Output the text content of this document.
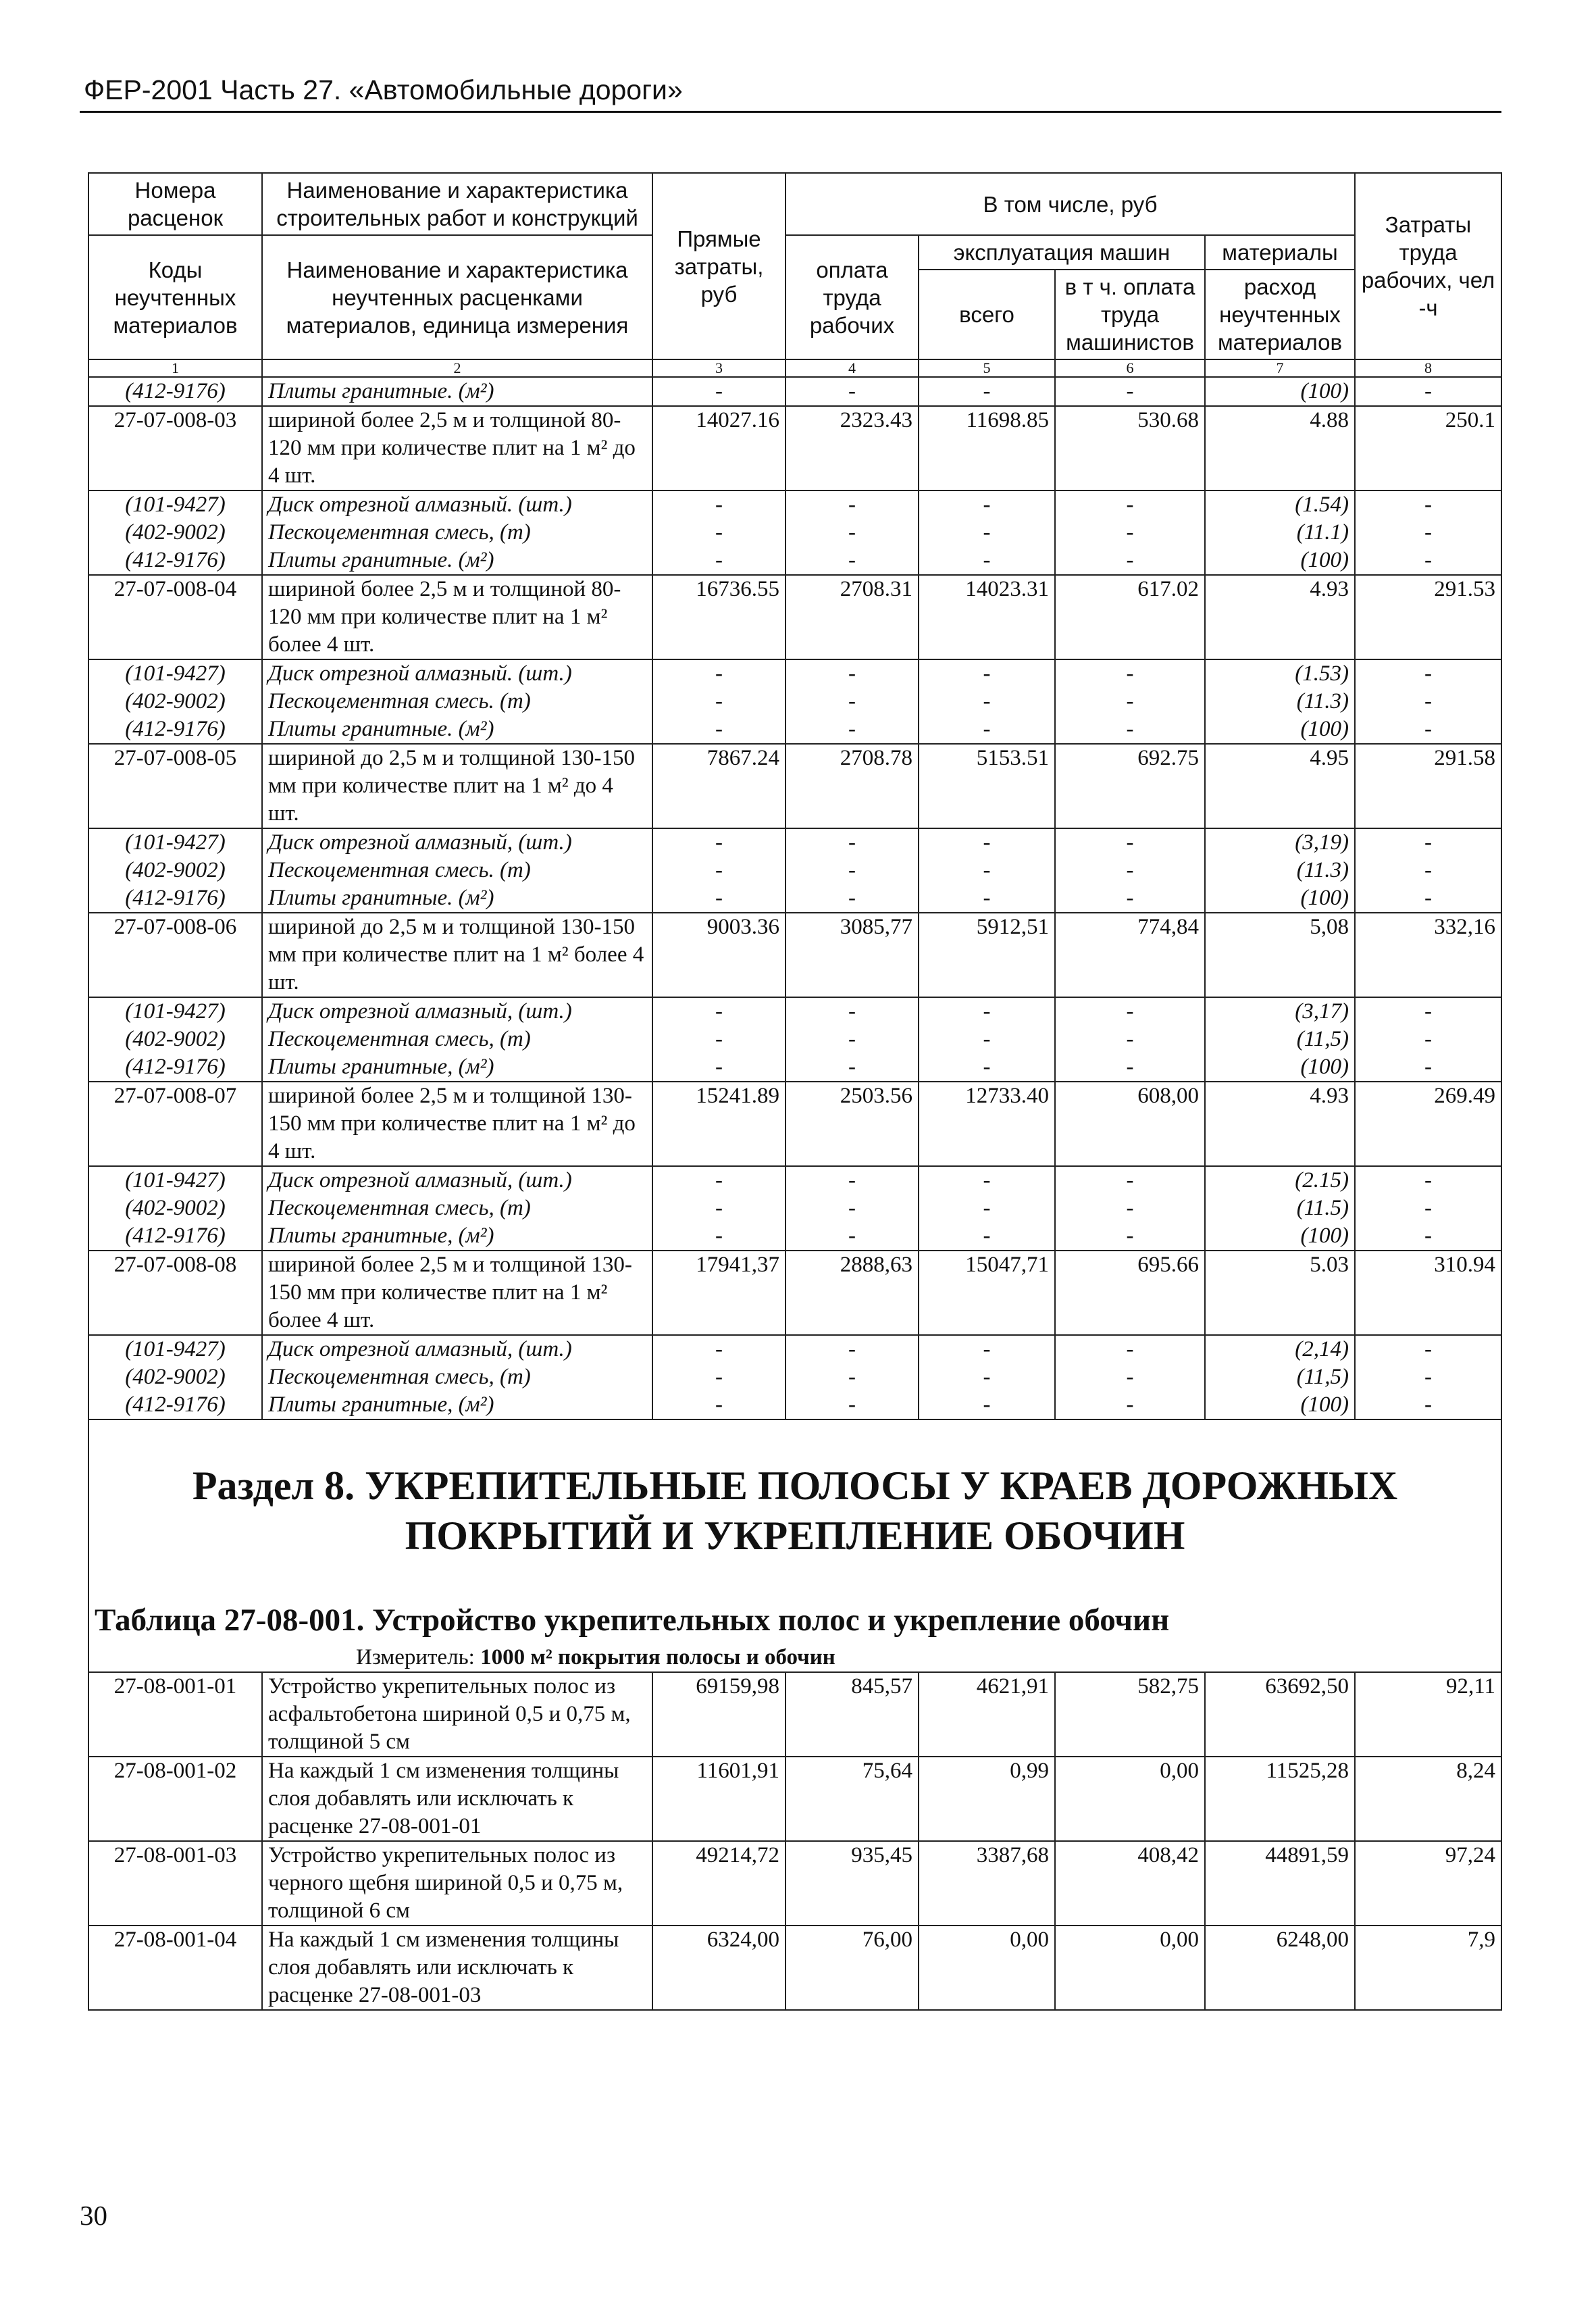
ФЕР-2001 Часть 27. «Автомобильные дороги»
Номера расценок	Наименование и характеристика строительных работ и конструкций	Прямые затраты, руб	В том числе, руб				Затраты труда рабочих, чел -ч
Коды неучтенных материалов	Наименование и характеристика неучтенных расценками материалов, единица измерения		оплата труда рабочих	эксплуатация машин		материалы	
				всего	в т ч. оплата труда машинистов	расход неучтенных материалов	
1	2	3	4	5	6	7	8
(412-9176)	Плиты гранитные. (м²)	-	-	-	-	(100)	-
27-07-008-03	шириной более 2,5 м и толщиной 80-120 мм при количестве плит на 1 м² до 4 шт.	14027.16	2323.43	11698.85	530.68	4.88	250.1
(101-9427)	Диск отрезной алмазный. (шт.)	-	-	-	-	(1.54)	-
(402-9002)	Пескоцементная смесь, (т)	-	-	-	-	(11.1)	-
(412-9176)	Плиты гранитные. (м²)	-	-	-	-	(100)	-
27-07-008-04	шириной более 2,5 м и толщиной 80-120 мм при количестве плит на 1 м² более 4 шт.	16736.55	2708.31	14023.31	617.02	4.93	291.53
(101-9427)	Диск отрезной алмазный. (шт.)	-	-	-	-	(1.53)	-
(402-9002)	Пескоцементная смесь. (т)	-	-	-	-	(11.3)	-
(412-9176)	Плиты гранитные. (м²)	-	-	-	-	(100)	-
27-07-008-05	шириной до 2,5 м и толщиной 130-150 мм при количестве плит на 1 м² до 4 шт.	7867.24	2708.78	5153.51	692.75	4.95	291.58
(101-9427)	Диск отрезной алмазный, (шт.)	-	-	-	-	(3,19)	-
(402-9002)	Пескоцементная смесь. (т)	-	-	-	-	(11.3)	-
(412-9176)	Плиты гранитные. (м²)	-	-	-	-	(100)	-
27-07-008-06	шириной до 2,5 м и толщиной 130-150 мм при количестве плит на 1 м² более 4 шт.	9003.36	3085,77	5912,51	774,84	5,08	332,16
(101-9427)	Диск отрезной алмазный, (шт.)	-	-	-	-	(3,17)	-
(402-9002)	Пескоцементная смесь, (т)	-	-	-	-	(11,5)	-
(412-9176)	Плиты гранитные, (м²)	-	-	-	-	(100)	-
27-07-008-07	шириной более 2,5 м и толщиной 130-150 мм при количестве плит на 1 м² до 4 шт.	15241.89	2503.56	12733.40	608,00	4.93	269.49
(101-9427)	Диск отрезной алмазный, (шт.)	-	-	-	-	(2.15)	-
(402-9002)	Пескоцементная смесь, (т)	-	-	-	-	(11.5)	-
(412-9176)	Плиты гранитные, (м²)	-	-	-	-	(100)	-
27-07-008-08	шириной более 2,5 м и толщиной 130-150 мм при количестве плит на 1 м² более 4 шт.	17941,37	2888,63	15047,71	695.66	5.03	310.94
(101-9427)	Диск отрезной алмазный, (шт.)	-	-	-	-	(2,14)	-
(402-9002)	Пескоцементная смесь, (т)	-	-	-	-	(11,5)	-
(412-9176)	Плиты гранитные, (м²)	-	-	-	-	(100)	-

Раздел 8. УКРЕПИТЕЛЬНЫЕ ПОЛОСЫ У КРАЕВ ДОРОЖНЫХ ПОКРЫТИЙ И УКРЕПЛЕНИЕ ОБОЧИН
Таблица 27-08-001. Устройство укрепительных полос и укрепление обочин
Измеритель: 1000 м² покрытия полосы и обочин							

27-08-001-01	Устройство укрепительных полос из асфальтобетона шириной 0,5 и 0,75 м, толщиной 5 см	69159,98	845,57	4621,91	582,75	63692,50	92,11
27-08-001-02	На каждый 1 см изменения толщины слоя добавлять или исключать к расценке 27-08-001-01	11601,91	75,64	0,99	0,00	11525,28	8,24
27-08-001-03	Устройство укрепительных полос из черного щебня шириной 0,5 и 0,75 м, толщиной 6 см	49214,72	935,45	3387,68	408,42	44891,59	97,24
27-08-001-04	На каждый 1 см изменения толщины слоя добавлять или исключать к расценке 27-08-001-03	6324,00	76,00	0,00	0,00	6248,00	7,9
30
